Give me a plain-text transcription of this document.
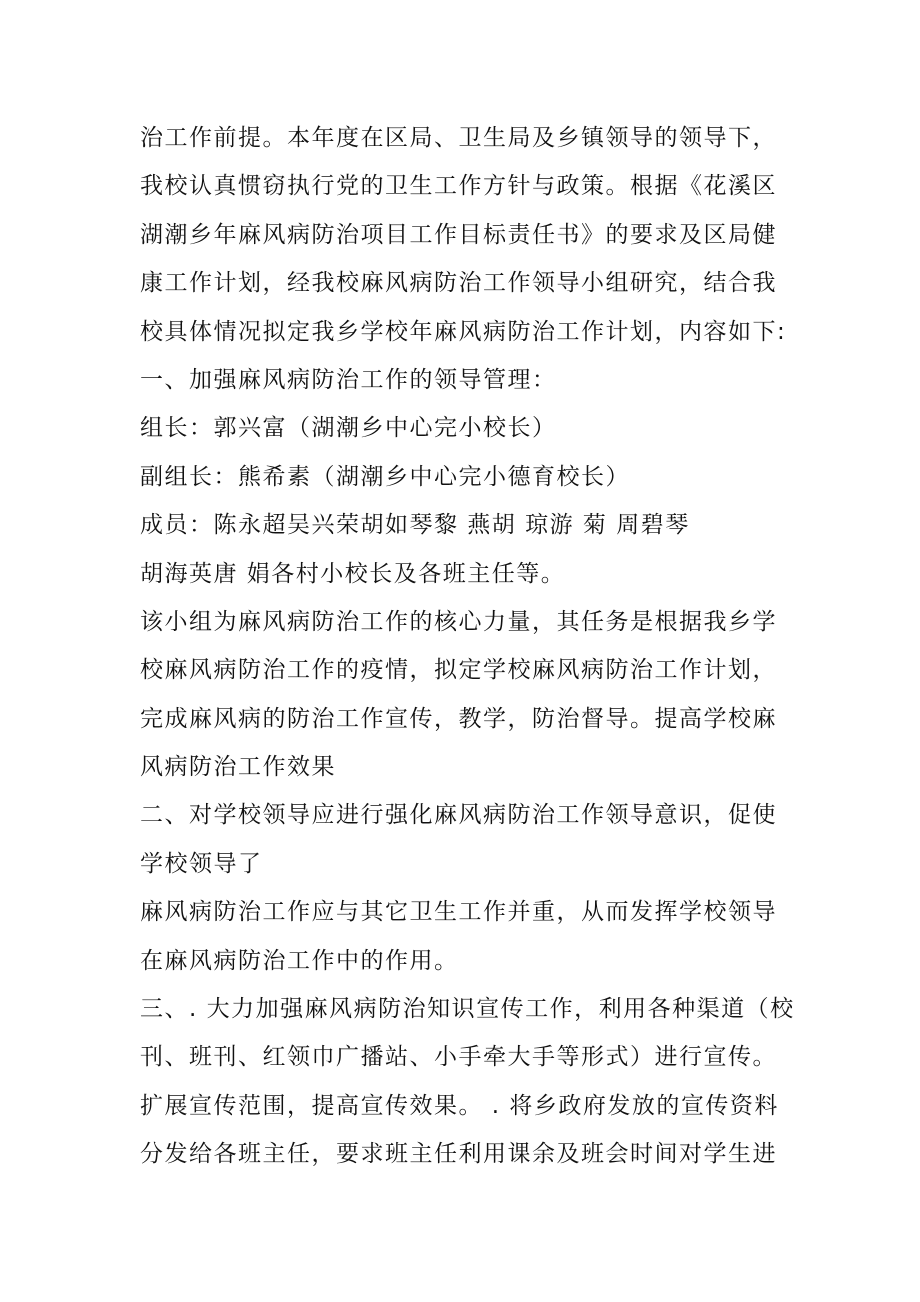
治工作前提。本年度在区局、卫生局及乡镇领导的领导下，
我校认真惯窃执行党的卫生工作方针与政策。根据《花溪区
湖潮乡年麻风病防治项目工作目标责任书》的要求及区局健
康工作计划，经我校麻风病防治工作领导小组研究，结合我
校具体情况拟定我乡学校年麻风病防治工作计划，内容如下:
一、加强麻风病防治工作的领导管理：
组长：郭兴富（湖潮乡中心完小校长）
副组长：熊希素（湖潮乡中心完小德育校长）
成员：陈永超吴兴荣胡如琴黎 燕胡 琼游 菊 周碧琴
胡海英唐 娟各村小校长及各班主任等。
该小组为麻风病防治工作的核心力量，其任务是根据我乡学
校麻风病防治工作的疫情，拟定学校麻风病防治工作计划，
完成麻风病的防治工作宣传，教学，防治督导。提高学校麻
风病防治工作效果
二、对学校领导应进行强化麻风病防治工作领导意识，促使
学校领导了
麻风病防治工作应与其它卫生工作并重，从而发挥学校领导
在麻风病防治工作中的作用。
三、. 大力加强麻风病防治知识宣传工作，利用各种渠道（校
刊、班刊、红领巾广播站、小手牵大手等形式）进行宣传。
扩展宣传范围，提高宣传效果。 . 将乡政府发放的宣传资料
分发给各班主任，要求班主任利用课余及班会时间对学生进
